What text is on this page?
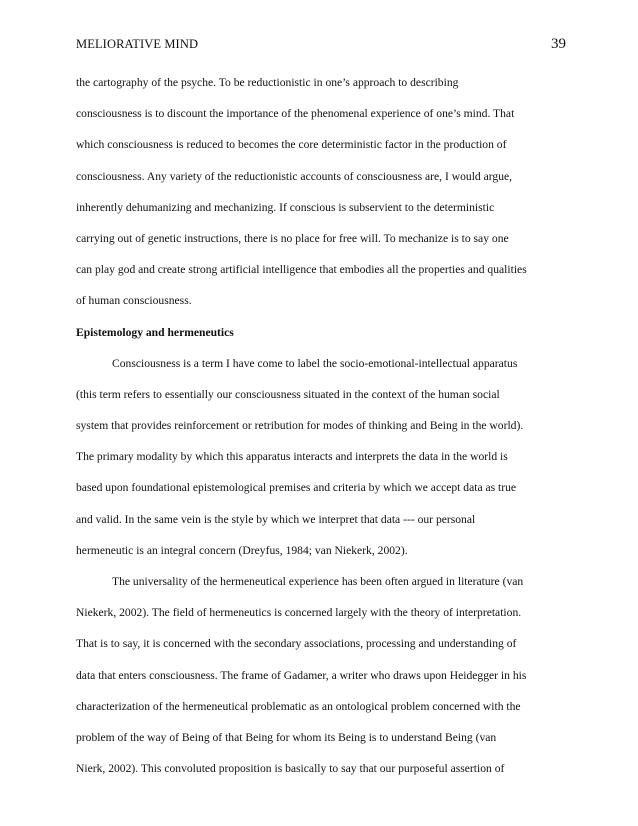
MELIORATIVE MIND	39
the cartography of the psyche. To be reductionistic in one’s approach to describing
consciousness is to discount the importance of the phenomenal experience of one’s mind. That
which consciousness is reduced to becomes the core deterministic factor in the production of
consciousness. Any variety of the reductionistic accounts of consciousness are, I would argue,
inherently dehumanizing and mechanizing. If conscious is subservient to the deterministic
carrying out of genetic instructions, there is no place for free will. To mechanize is to say one
can play god and create strong artificial intelligence that embodies all the properties and qualities
of human consciousness.
Epistemology and hermeneutics
Consciousness is a term I have come to label the socio-emotional-intellectual apparatus
(this term refers to essentially our consciousness situated in the context of the human social
system that provides reinforcement or retribution for modes of thinking and Being in the world).
The primary modality by which this apparatus interacts and interprets the data in the world is
based upon foundational epistemological premises and criteria by which we accept data as true
and valid. In the same vein is the style by which we interpret that data --- our personal
hermeneutic is an integral concern (Dreyfus, 1984; van Niekerk, 2002).
The universality of the hermeneutical experience has been often argued in literature (van
Niekerk, 2002). The field of hermeneutics is concerned largely with the theory of interpretation.
That is to say, it is concerned with the secondary associations, processing and understanding of
data that enters consciousness. The frame of Gadamer, a writer who draws upon Heidegger in his
characterization of the hermeneutical problematic as an ontological problem concerned with the
problem of the way of Being of that Being for whom its Being is to understand Being (van
Nierk, 2002). This convoluted proposition is basically to say that our purposeful assertion of
